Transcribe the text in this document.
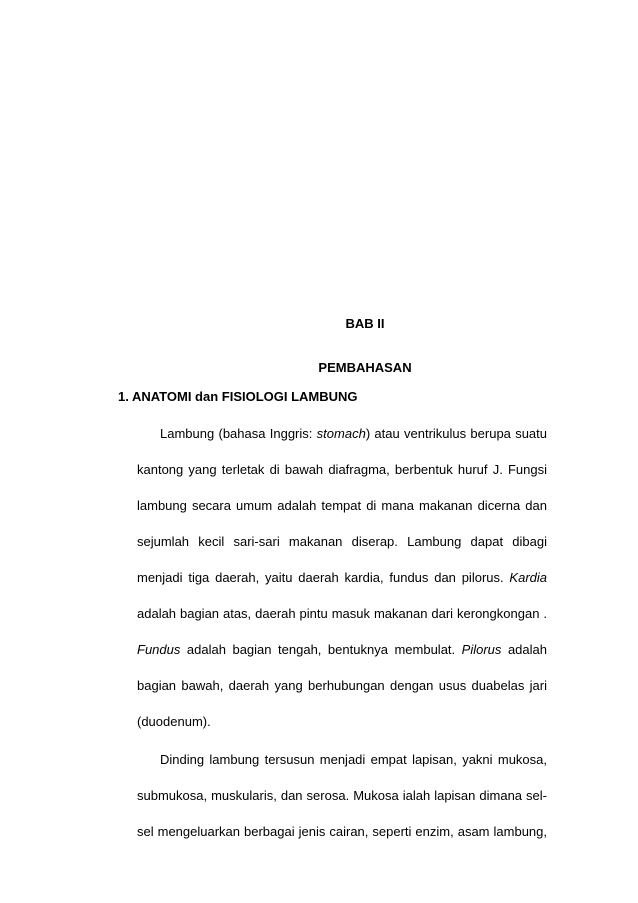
BAB II
PEMBAHASAN
1. ANATOMI dan FISIOLOGI LAMBUNG
Lambung (bahasa Inggris: stomach) atau ventrikulus berupa suatu
kantong yang terletak di bawah diafragma, berbentuk huruf J. Fungsi
lambung secara umum adalah tempat di mana makanan dicerna dan
sejumlah kecil sari-sari makanan diserap. Lambung dapat dibagi
menjadi tiga daerah, yaitu daerah kardia, fundus dan pilorus. Kardia
adalah bagian atas, daerah pintu masuk makanan dari kerongkongan .
Fundus adalah bagian tengah, bentuknya membulat. Pilorus adalah
bagian bawah, daerah yang berhubungan dengan usus duabelas jari
(duodenum).
Dinding lambung tersusun menjadi empat lapisan, yakni mukosa,
submukosa, muskularis, dan serosa. Mukosa ialah lapisan dimana sel-
sel mengeluarkan berbagai jenis cairan, seperti enzim, asam lambung,
